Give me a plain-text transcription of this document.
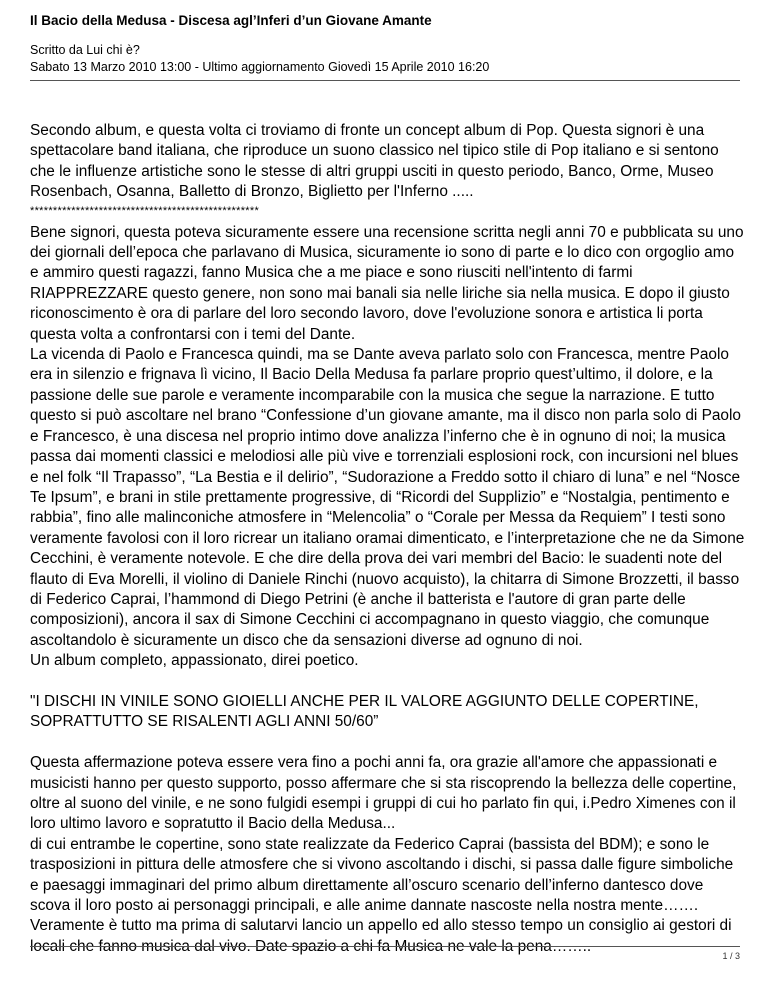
Il Bacio della Medusa - Discesa agl’Inferi d’un Giovane Amante
Scritto da Lui chi è?
Sabato 13 Marzo 2010 13:00 - Ultimo aggiornamento Giovedì 15 Aprile 2010 16:20

Secondo album, e questa volta ci troviamo di fronte un concept album di Pop. Questa signori è una spettacolare band italiana, che riproduce un suono classico nel tipico stile di Pop italiano e si sentono che le influenze artistiche sono le stesse di altri gruppi usciti in questo periodo, Banco, Orme, Museo Rosenbach, Osanna, Balletto di Bronzo, Biglietto per l'Inferno .....

**************************************************

Bene signori, questa poteva sicuramente essere una recensione scritta negli anni 70 e pubblicata su uno dei giornali dell’epoca che parlavano di Musica, sicuramente io sono di parte e lo dico con orgoglio amo e ammiro questi ragazzi, fanno Musica che a me piace e sono riusciti nell'intento di farmi RIAPPREZZARE questo genere, non sono mai banali sia nelle liriche sia nella musica. E dopo il giusto riconoscimento è ora di parlare del loro secondo lavoro, dove l'evoluzione sonora e artistica li porta questa volta a confrontarsi con i temi del Dante.

La vicenda di Paolo e Francesca quindi, ma se Dante aveva parlato solo con Francesca, mentre Paolo era in silenzio e frignava lì vicino, Il Bacio Della Medusa fa parlare proprio quest’ultimo, il dolore, e la passione delle sue parole e veramente incomparabile con la musica che segue la narrazione. E tutto questo si può ascoltare nel brano “Confessione d’un giovane amante, ma il disco non parla solo di Paolo e Francesco, è una discesa nel proprio intimo dove analizza l’inferno che è in ognuno di noi; la musica passa dai momenti classici e melodiosi alle più vive e torrenziali esplosioni rock, con incursioni nel blues e nel folk “Il Trapasso”, “La Bestia e il delirio”, “Sudorazione a Freddo sotto il chiaro di luna” e nel “Nosce Te Ipsum”, e brani in stile prettamente progressive, di “Ricordi del Supplizio” e “Nostalgia, pentimento e rabbia”, fino alle malinconiche atmosfere in “Melencolia” o “Corale per Messa da Requiem” I testi sono veramente favolosi con il loro ricrear un italiano oramai dimenticato, e l’interpretazione che ne da Simone Cecchini, è veramente notevole. E che dire della prova dei vari membri del Bacio: le suadenti note del flauto di Eva Morelli, il violino di Daniele Rinchi (nuovo acquisto), la chitarra di Simone Brozzetti, il basso di Federico Caprai, l’hammond di Diego Petrini (è anche il batterista e l'autore di gran parte delle composizioni), ancora il sax di Simone Cecchini ci accompagnano in questo viaggio, che comunque ascoltandolo è sicuramente un disco che da sensazioni diverse ad ognuno di noi.

Un album completo, appassionato, direi poetico.

"I DISCHI IN VINILE SONO GIOIELLI ANCHE PER IL VALORE AGGIUNTO DELLE COPERTINE, SOPRATTUTTO SE RISALENTI AGLI ANNI 50/60”

Questa affermazione poteva essere vera fino a pochi anni fa, ora grazie all'amore che appassionati e musicisti hanno per questo supporto, posso affermare che si sta riscoprendo la bellezza delle copertine, oltre al suono del vinile, e ne sono fulgidi esempi i gruppi di cui ho parlato fin qui, i.Pedro Ximenes con il loro ultimo lavoro e sopratutto il Bacio della Medusa...

di cui entrambe le copertine, sono state realizzate da Federico Caprai (bassista del BDM); e sono le trasposizioni in pittura delle atmosfere che si vivono ascoltando i dischi, si passa dalle figure simboliche e paesaggi immaginari del primo album direttamente all’oscuro scenario dell’inferno dantesco dove scova il loro posto ai personaggi principali, e alle anime dannate nascoste nella nostra mente…….

Veramente è tutto ma prima di salutarvi lancio un appello ed allo stesso tempo un consiglio ai gestori di locali che fanno musica dal vivo. Date spazio a chi fa Musica ne vale la pena……..

1 / 3
